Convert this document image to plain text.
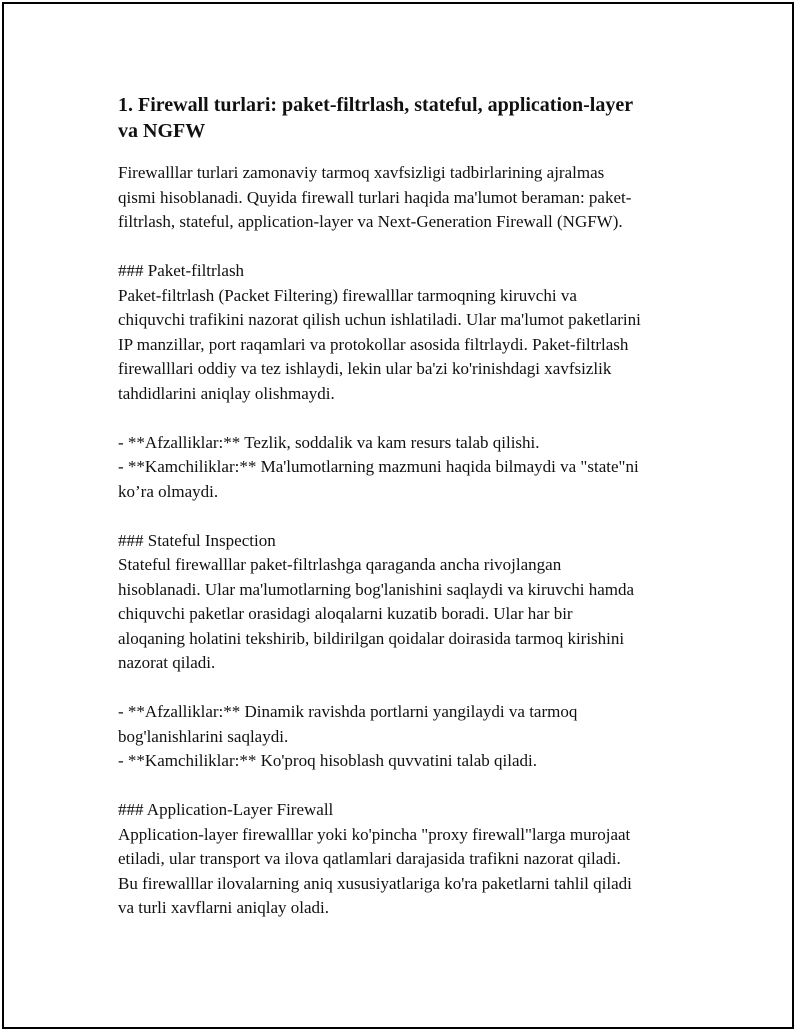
1. Firewall turlari: paket-filtrlash, stateful, application-layer
va NGFW

Firewalllar turlari zamonaviy tarmoq xavfsizligi tadbirlarining ajralmas
qismi hisoblanadi. Quyida firewall turlari haqida ma'lumot beraman: paket-
filtrlash, stateful, application-layer va Next-Generation Firewall (NGFW).

### Paket-filtrlash
Paket-filtrlash (Packet Filtering) firewalllar tarmoqning kiruvchi va
chiquvchi trafikini nazorat qilish uchun ishlatiladi. Ular ma'lumot paketlarini
IP manzillar, port raqamlari va protokollar asosida filtrlaydi. Paket-filtrlash
firewalllari oddiy va tez ishlaydi, lekin ular ba'zi ko'rinishdagi xavfsizlik
tahdidlarini aniqlay olishmaydi.

- **Afzalliklar:** Tezlik, soddalik va kam resurs talab qilishi.
- **Kamchiliklar:** Ma'lumotlarning mazmuni haqida bilmaydi va "state"ni
ko’ra olmaydi.

### Stateful Inspection
Stateful firewalllar paket-filtrlashga qaraganda ancha rivojlangan
hisoblanadi. Ular ma'lumotlarning bog'lanishini saqlaydi va kiruvchi hamda
chiquvchi paketlar orasidagi aloqalarni kuzatib boradi. Ular har bir
aloqaning holatini tekshirib, bildirilgan qoidalar doirasida tarmoq kirishini
nazorat qiladi.

- **Afzalliklar:** Dinamik ravishda portlarni yangilaydi va tarmoq
bog'lanishlarini saqlaydi.
- **Kamchiliklar:** Ko'proq hisoblash quvvatini talab qiladi.

### Application-Layer Firewall
Application-layer firewalllar yoki ko'pincha "proxy firewall"larga murojaat
etiladi, ular transport va ilova qatlamlari darajasida trafikni nazorat qiladi.
Bu firewalllar ilovalarning aniq xususiyatlariga ko'ra paketlarni tahlil qiladi
va turli xavflarni aniqlay oladi.
